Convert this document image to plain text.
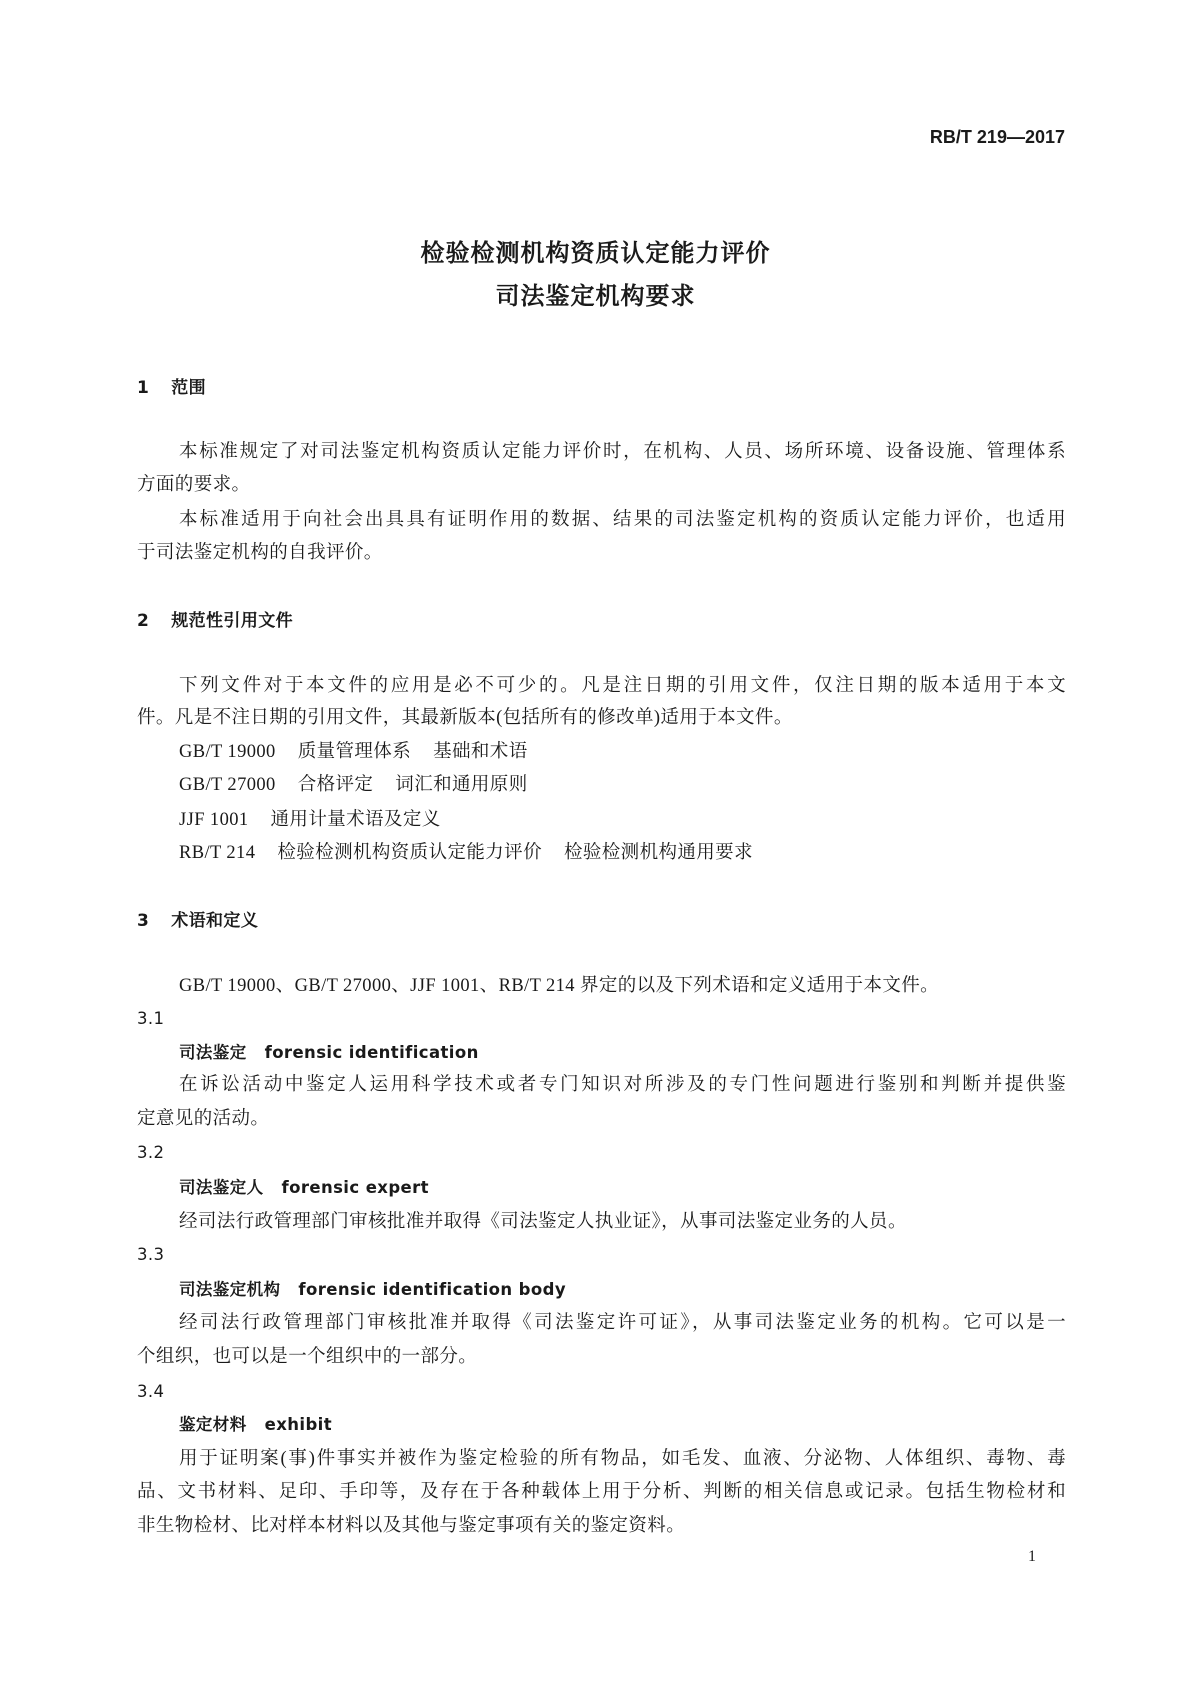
RB/T 219—2017
检验检测机构资质认定能力评价
司法鉴定机构要求
1 范围
本标准规定了对司法鉴定机构资质认定能力评价时，在机构、人员、场所环境、设备设施、管理体系
方面的要求。
本标准适用于向社会出具具有证明作用的数据、结果的司法鉴定机构的资质认定能力评价，也适用
于司法鉴定机构的自我评价。
2 规范性引用文件
下列文件对于本文件的应用是必不可少的。凡是注日期的引用文件，仅注日期的版本适用于本文
件。凡是不注日期的引用文件，其最新版本(包括所有的修改单)适用于本文件。
GB/T 19000 质量管理体系 基础和术语
GB/T 27000 合格评定 词汇和通用原则
JJF 1001 通用计量术语及定义
RB/T 214 检验检测机构资质认定能力评价 检验检测机构通用要求
3 术语和定义
GB/T 19000、GB/T 27000、JJF 1001、RB/T 214 界定的以及下列术语和定义适用于本文件。
3.1
司法鉴定 forensic identification
在诉讼活动中鉴定人运用科学技术或者专门知识对所涉及的专门性问题进行鉴别和判断并提供鉴
定意见的活动。
3.2
司法鉴定人 forensic expert
经司法行政管理部门审核批准并取得《司法鉴定人执业证》，从事司法鉴定业务的人员。
3.3
司法鉴定机构 forensic identification body
经司法行政管理部门审核批准并取得《司法鉴定许可证》，从事司法鉴定业务的机构。它可以是一
个组织，也可以是一个组织中的一部分。
3.4
鉴定材料 exhibit
用于证明案(事)件事实并被作为鉴定检验的所有物品，如毛发、血液、分泌物、人体组织、毒物、毒
品、文书材料、足印、手印等，及存在于各种载体上用于分析、判断的相关信息或记录。包括生物检材和
非生物检材、比对样本材料以及其他与鉴定事项有关的鉴定资料。
1
